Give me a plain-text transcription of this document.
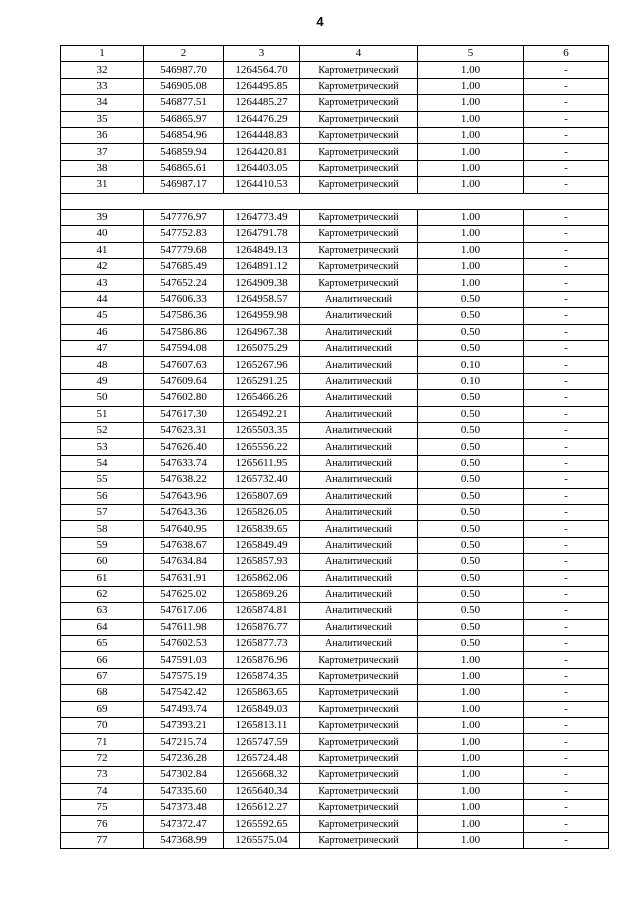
4
1	2	3	4	5	6
32	546987.70	1264564.70	Картометрический	1.00	-
33	546905.08	1264495.85	Картометрический	1.00	-
34	546877.51	1264485.27	Картометрический	1.00	-
35	546865.97	1264476.29	Картометрический	1.00	-
36	546854.96	1264448.83	Картометрический	1.00	-
37	546859.94	1264420.81	Картометрический	1.00	-
38	546865.61	1264403.05	Картометрический	1.00	-
31	546987.17	1264410.53	Картометрический	1.00	-

39	547776.97	1264773.49	Картометрический	1.00	-
40	547752.83	1264791.78	Картометрический	1.00	-
41	547779.68	1264849.13	Картометрический	1.00	-
42	547685.49	1264891.12	Картометрический	1.00	-
43	547652.24	1264909.38	Картометрический	1.00	-
44	547606.33	1264958.57	Аналитический	0.50	-
45	547586.36	1264959.98	Аналитический	0.50	-
46	547586.86	1264967.38	Аналитический	0.50	-
47	547594.08	1265075.29	Аналитический	0.50	-
48	547607.63	1265267.96	Аналитический	0.10	-
49	547609.64	1265291.25	Аналитический	0.10	-
50	547602.80	1265466.26	Аналитический	0.50	-
51	547617.30	1265492.21	Аналитический	0.50	-
52	547623.31	1265503.35	Аналитический	0.50	-
53	547626.40	1265556.22	Аналитический	0.50	-
54	547633.74	1265611.95	Аналитический	0.50	-
55	547638.22	1265732.40	Аналитический	0.50	-
56	547643.96	1265807.69	Аналитический	0.50	-
57	547643.36	1265826.05	Аналитический	0.50	-
58	547640.95	1265839.65	Аналитический	0.50	-
59	547638.67	1265849.49	Аналитический	0.50	-
60	547634.84	1265857.93	Аналитический	0.50	-
61	547631.91	1265862.06	Аналитический	0.50	-
62	547625.02	1265869.26	Аналитический	0.50	-
63	547617.06	1265874.81	Аналитический	0.50	-
64	547611.98	1265876.77	Аналитический	0.50	-
65	547602.53	1265877.73	Аналитический	0.50	-
66	547591.03	1265876.96	Картометрический	1.00	-
67	547575.19	1265874.35	Картометрический	1.00	-
68	547542.42	1265863.65	Картометрический	1.00	-
69	547493.74	1265849.03	Картометрический	1.00	-
70	547393.21	1265813.11	Картометрический	1.00	-
71	547215.74	1265747.59	Картометрический	1.00	-
72	547236.28	1265724.48	Картометрический	1.00	-
73	547302.84	1265668.32	Картометрический	1.00	-
74	547335.60	1265640.34	Картометрический	1.00	-
75	547373.48	1265612.27	Картометрический	1.00	-
76	547372.47	1265592.65	Картометрический	1.00	-
77	547368.99	1265575.04	Картометрический	1.00	-
